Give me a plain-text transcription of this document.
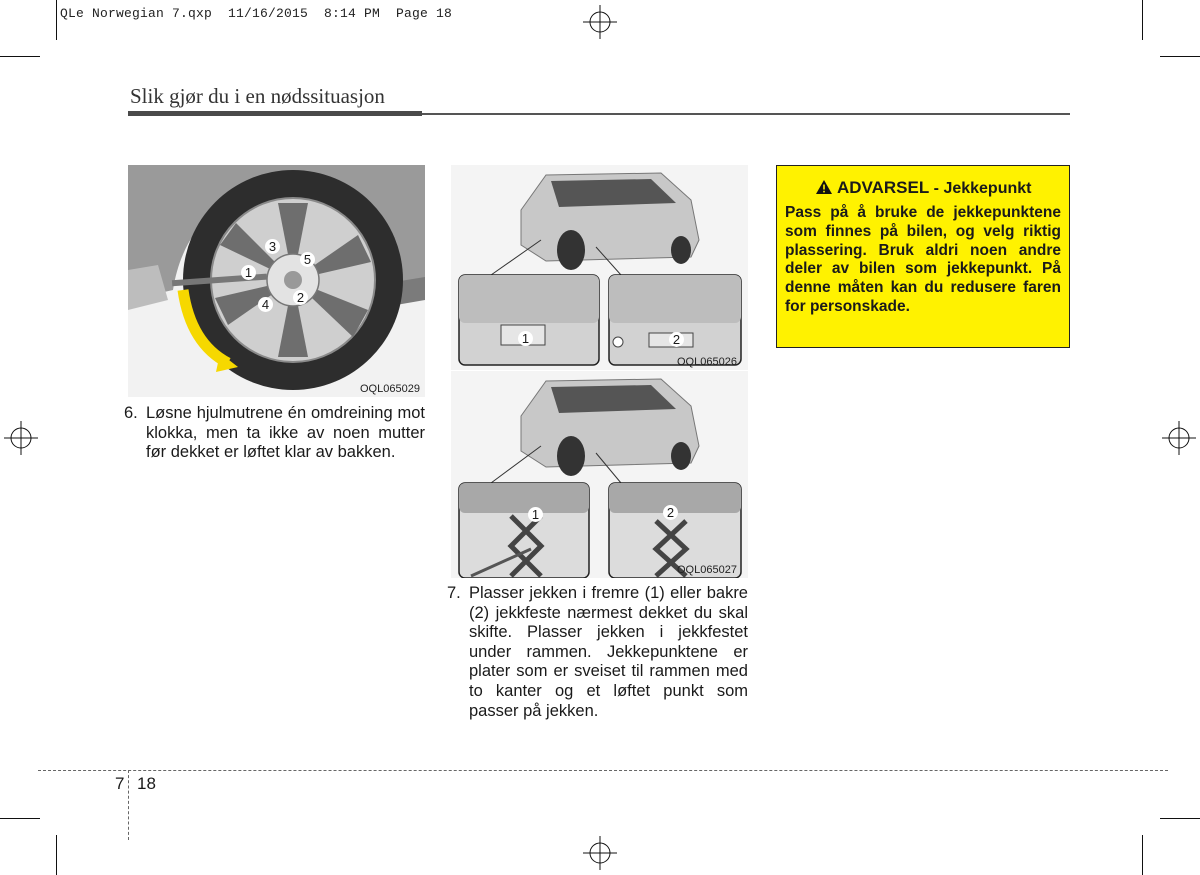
QLe Norwegian 7.qxp  11/16/2015  8:14 PM  Page 18
Slik gjør du i en nødssituasjon
3
1
5
4 2
OQL065029
6. Løsne hjulmutrene én omdreining mot klokka, men ta ikke av noen mutter før dekket er løftet klar av bakken.
1	2
OQL065026
1	2
OQL065027
7. Plasser jekken i fremre (1) eller bakre (2) jekkfeste nærmest dekket du skal skifte. Plasser jekken i jekkfestet under rammen. Jekkepunktene er plater som er sveiset til rammen med to kanter og et løftet punkt som passer på jekken.
ADVARSEL - Jekkepunkt
Pass på å bruke de jekkepunktene som finnes på bilen, og velg riktig plassering. Bruk aldri noen andre deler av bilen som jekkepunkt. På denne måten kan du redusere faren for personskade.
7 18
